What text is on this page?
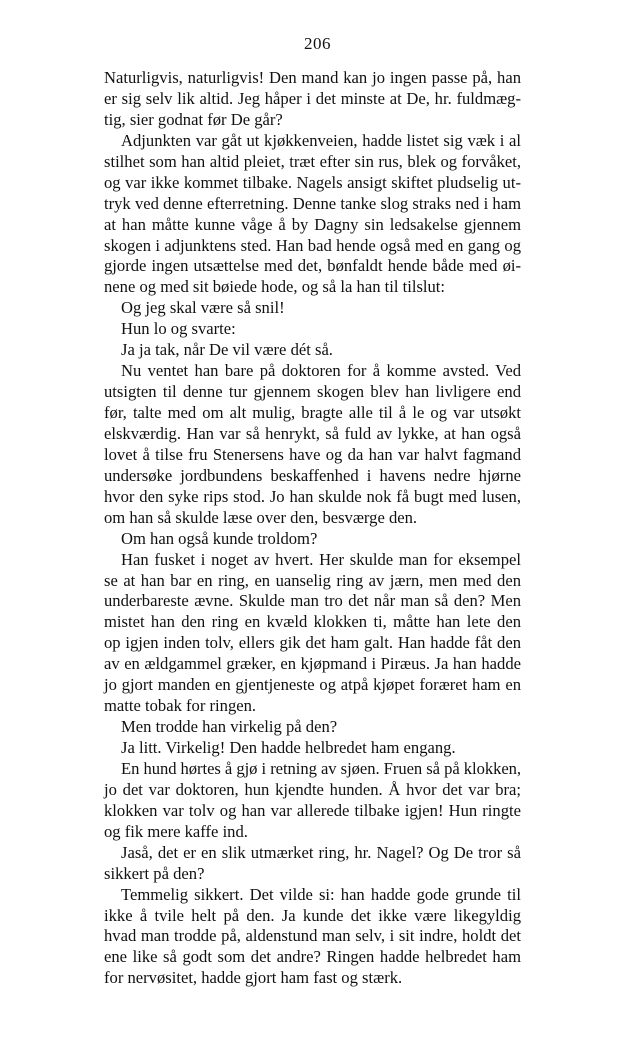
206
Naturligvis, naturligvis! Den mand kan jo ingen passe på, han
er sig selv lik altid. Jeg håper i det minste at De, hr. fuldmæg-
tig, sier godnat før De går?
Adjunkten var gåt ut kjøkkenveien, hadde listet sig væk i al
stilhet som han altid pleiet, træt efter sin rus, blek og forvåket,
og var ikke kommet tilbake. Nagels ansigt skiftet pludselig ut-
tryk ved denne efterretning. Denne tanke slog straks ned i ham
at han måtte kunne våge å by Dagny sin ledsakelse gjennem
skogen i adjunktens sted. Han bad hende også med en gang og
gjorde ingen utsættelse med det, bønfaldt hende både med øi-
nene og med sit bøiede hode, og så la han til tilslut:
Og jeg skal være så snil!
Hun lo og svarte:
Ja ja tak, når De vil være dét så.
Nu ventet han bare på doktoren for å komme avsted. Ved
utsigten til denne tur gjennem skogen blev han livligere end
før, talte med om alt mulig, bragte alle til å le og var utsøkt
elskværdig. Han var så henrykt, så fuld av lykke, at han også
lovet å tilse fru Stenersens have og da han var halvt fagmand
undersøke jordbundens beskaffenhed i havens nedre hjørne
hvor den syke rips stod. Jo han skulde nok få bugt med lusen,
om han så skulde læse over den, besværge den.
Om han også kunde troldom?
Han fusket i noget av hvert. Her skulde man for eksempel
se at han bar en ring, en uanselig ring av jærn, men med den
underbareste ævne. Skulde man tro det når man så den? Men
mistet han den ring en kvæld klokken ti, måtte han lete den
op igjen inden tolv, ellers gik det ham galt. Han hadde fåt den
av en ældgammel græker, en kjøpmand i Piræus. Ja han hadde
jo gjort manden en gjentjeneste og atpå kjøpet foræret ham en
matte tobak for ringen.
Men trodde han virkelig på den?
Ja litt. Virkelig! Den hadde helbredet ham engang.
En hund hørtes å gjø i retning av sjøen. Fruen så på klokken,
jo det var doktoren, hun kjendte hunden. Å hvor det var bra;
klokken var tolv og han var allerede tilbake igjen! Hun ringte
og fik mere kaffe ind.
Jaså, det er en slik utmærket ring, hr. Nagel? Og De tror så
sikkert på den?
Temmelig sikkert. Det vilde si: han hadde gode grunde til
ikke å tvile helt på den. Ja kunde det ikke være likegyldig
hvad man trodde på, aldenstund man selv, i sit indre, holdt det
ene like så godt som det andre? Ringen hadde helbredet ham
for nervøsitet, hadde gjort ham fast og stærk.
